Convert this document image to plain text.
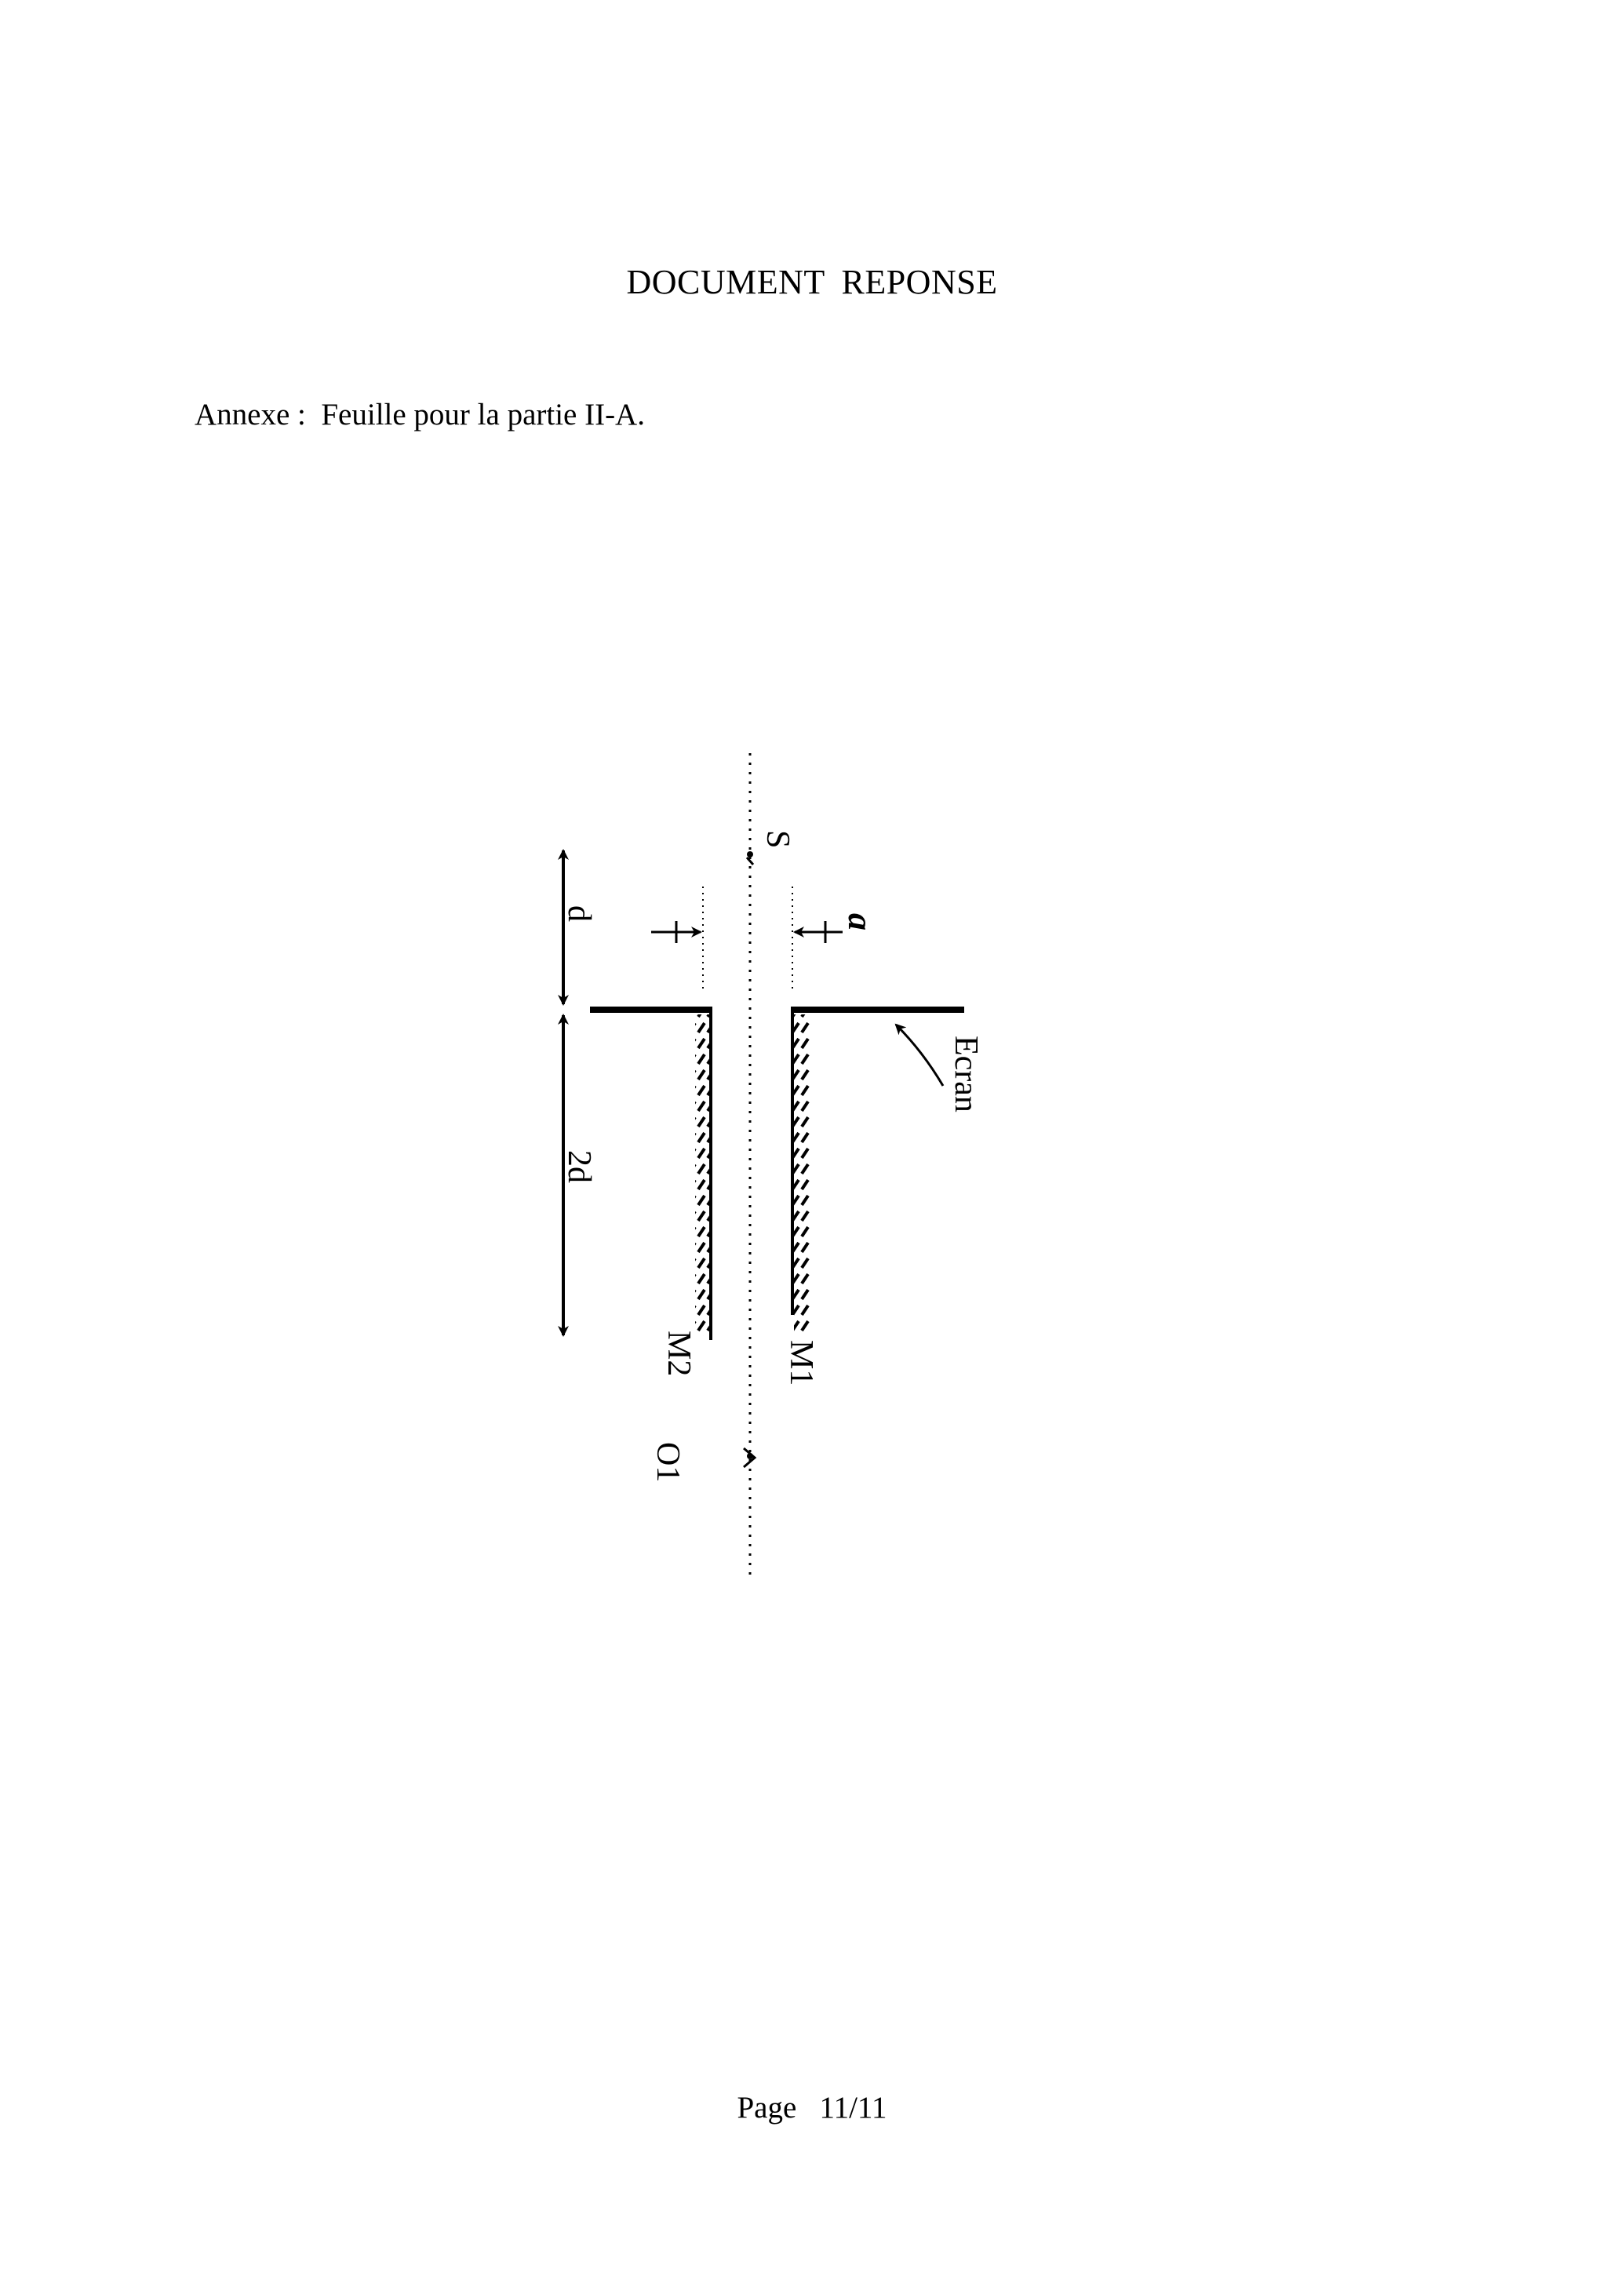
DOCUMENT REPONSE
Annexe :  Feuille pour la partie II-A.
S
a
d
2d
Ecran
M1
M2
O1
Page   11/11
